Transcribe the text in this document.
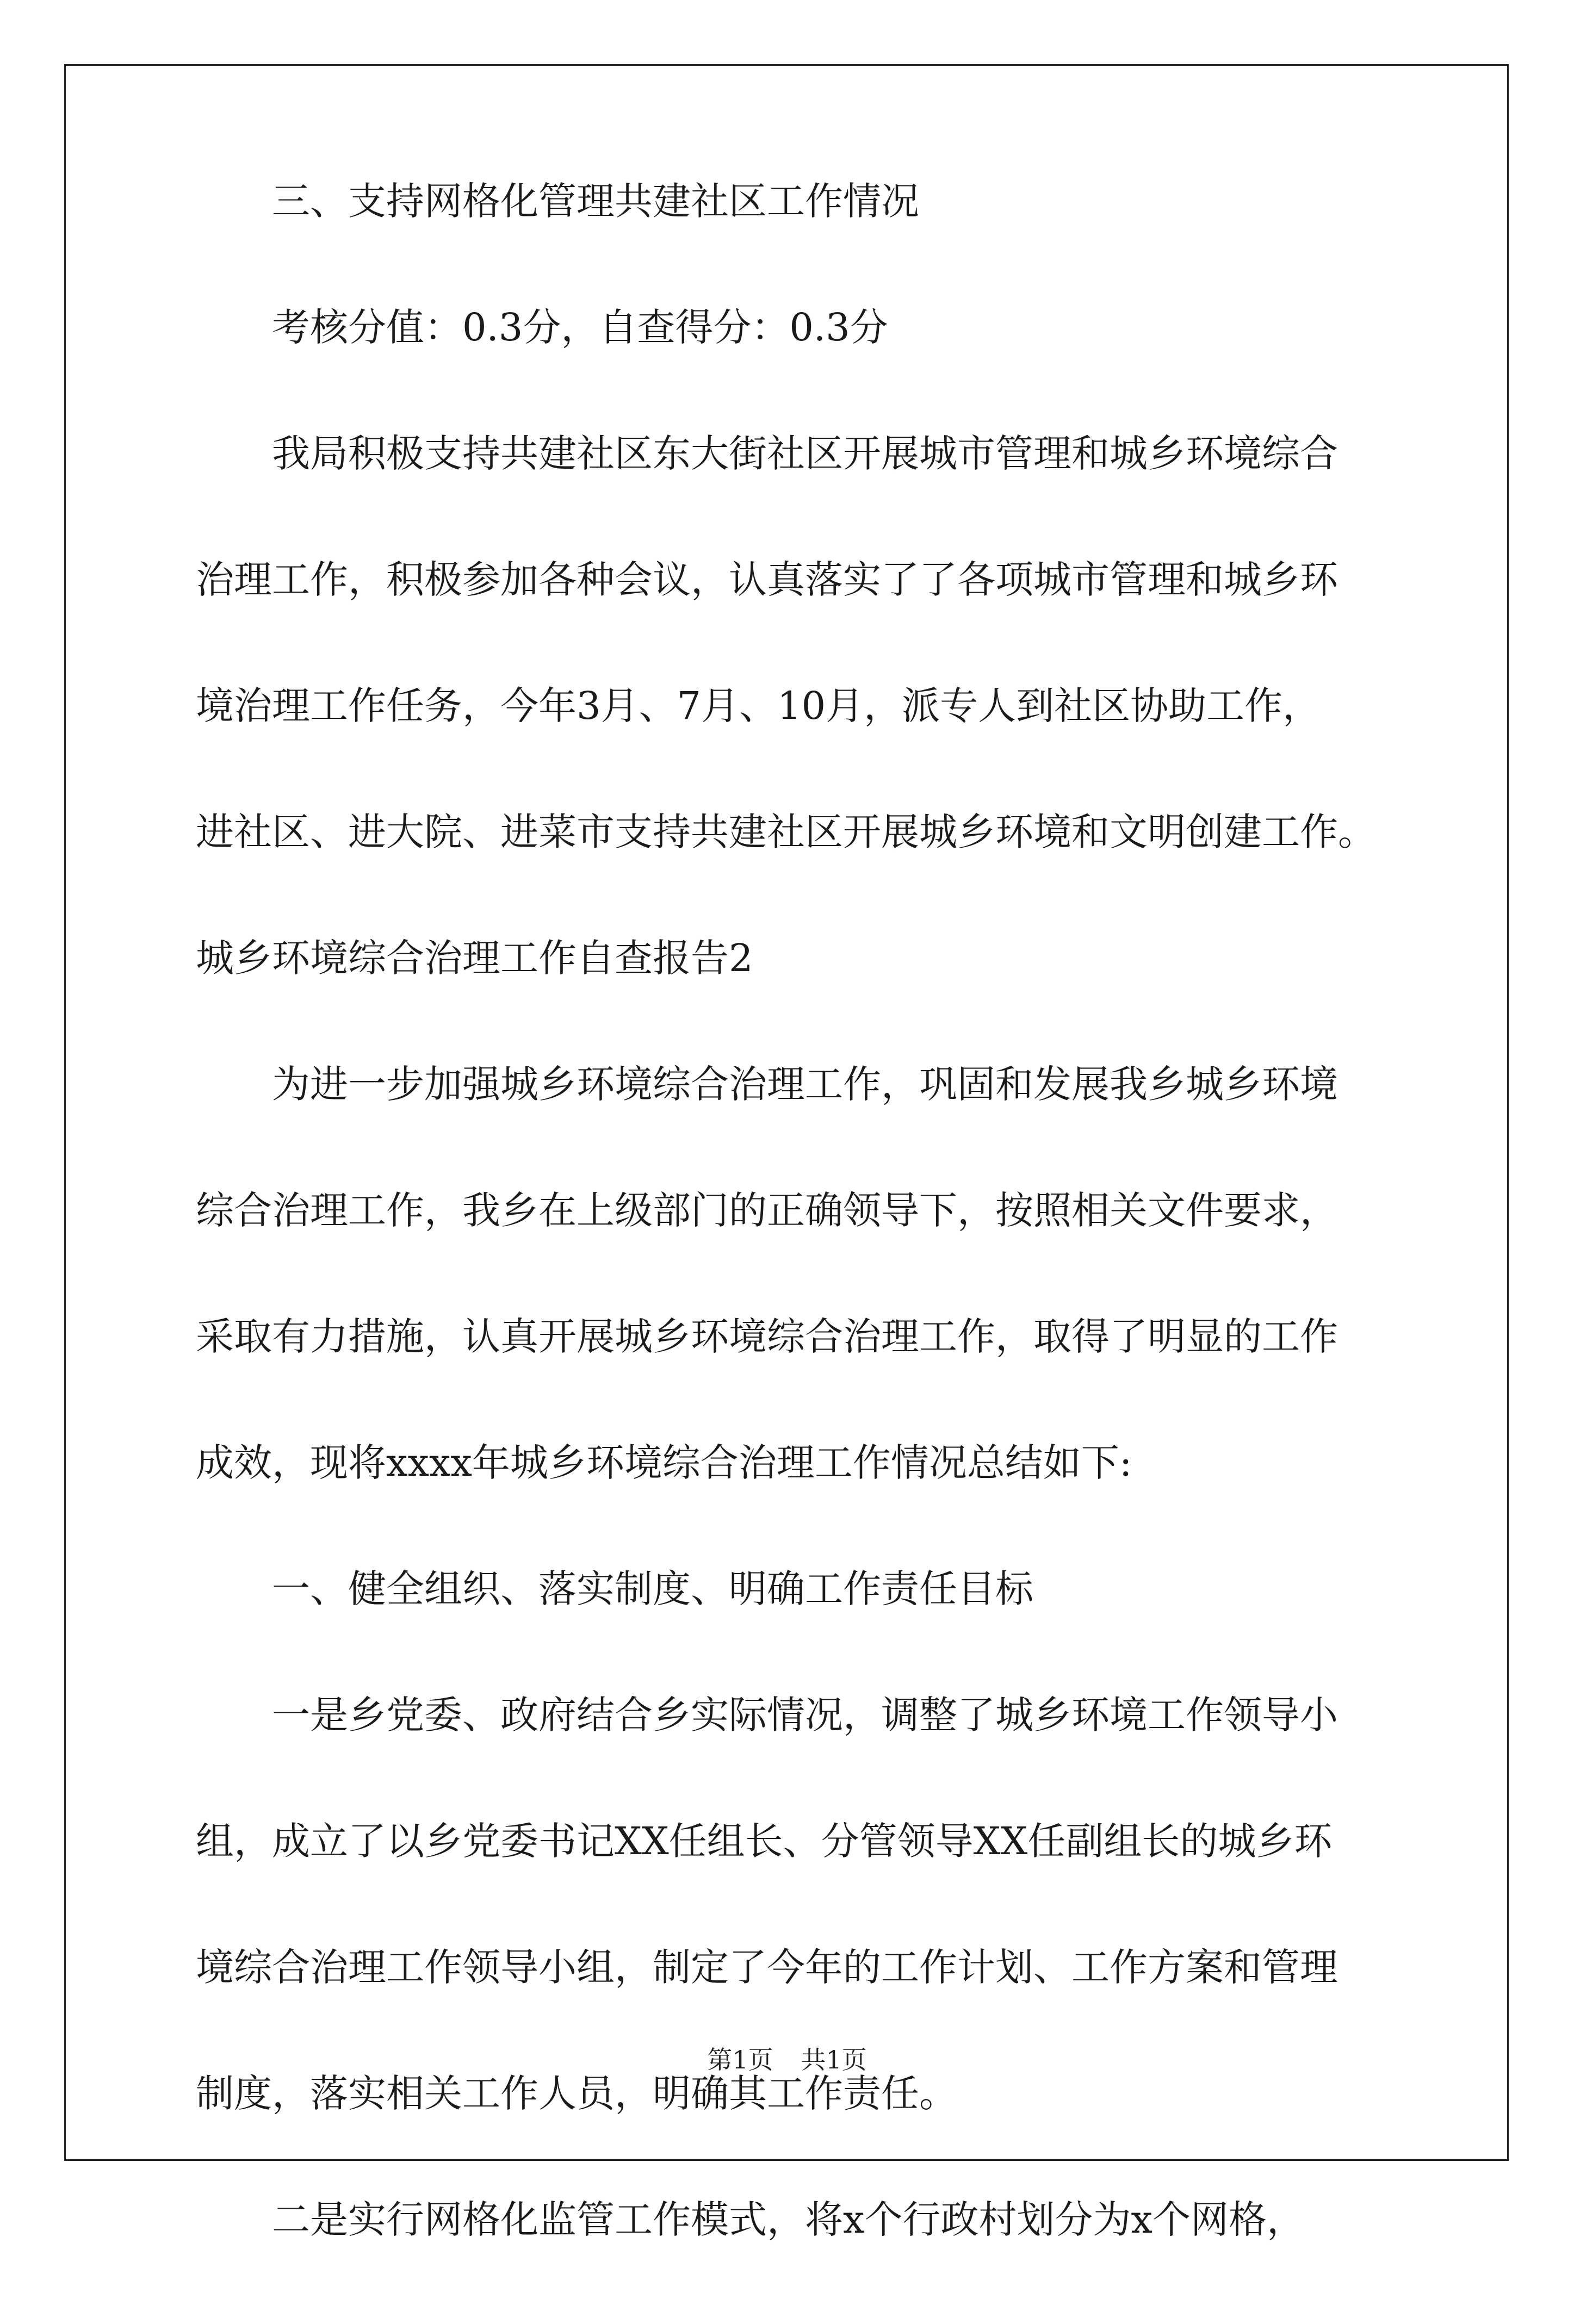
三、支持网格化管理共建社区工作情况
考核分值：0.3分，自查得分：0.3分
我局积极支持共建社区东大街社区开展城市管理和城乡环境综合
治理工作，积极参加各种会议，认真落实了了各项城市管理和城乡环
境治理工作任务，今年3月、7月、10月，派专人到社区协助工作，
进社区、进大院、进菜市支持共建社区开展城乡环境和文明创建工作。
城乡环境综合治理工作自查报告2
为进一步加强城乡环境综合治理工作，巩固和发展我乡城乡环境
综合治理工作，我乡在上级部门的正确领导下，按照相关文件要求，
采取有力措施，认真开展城乡环境综合治理工作，取得了明显的工作
成效，现将xxxx年城乡环境综合治理工作情况总结如下:
一、健全组织、落实制度、明确工作责任目标
一是乡党委、政府结合乡实际情况，调整了城乡环境工作领导小
组，成立了以乡党委书记XX任组长、分管领导XX任副组长的城乡环
境综合治理工作领导小组，制定了今年的工作计划、工作方案和管理
制度，落实相关工作人员，明确其工作责任。
二是实行网格化监管工作模式，将x个行政村划分为x个网格，
第1页 共1页
